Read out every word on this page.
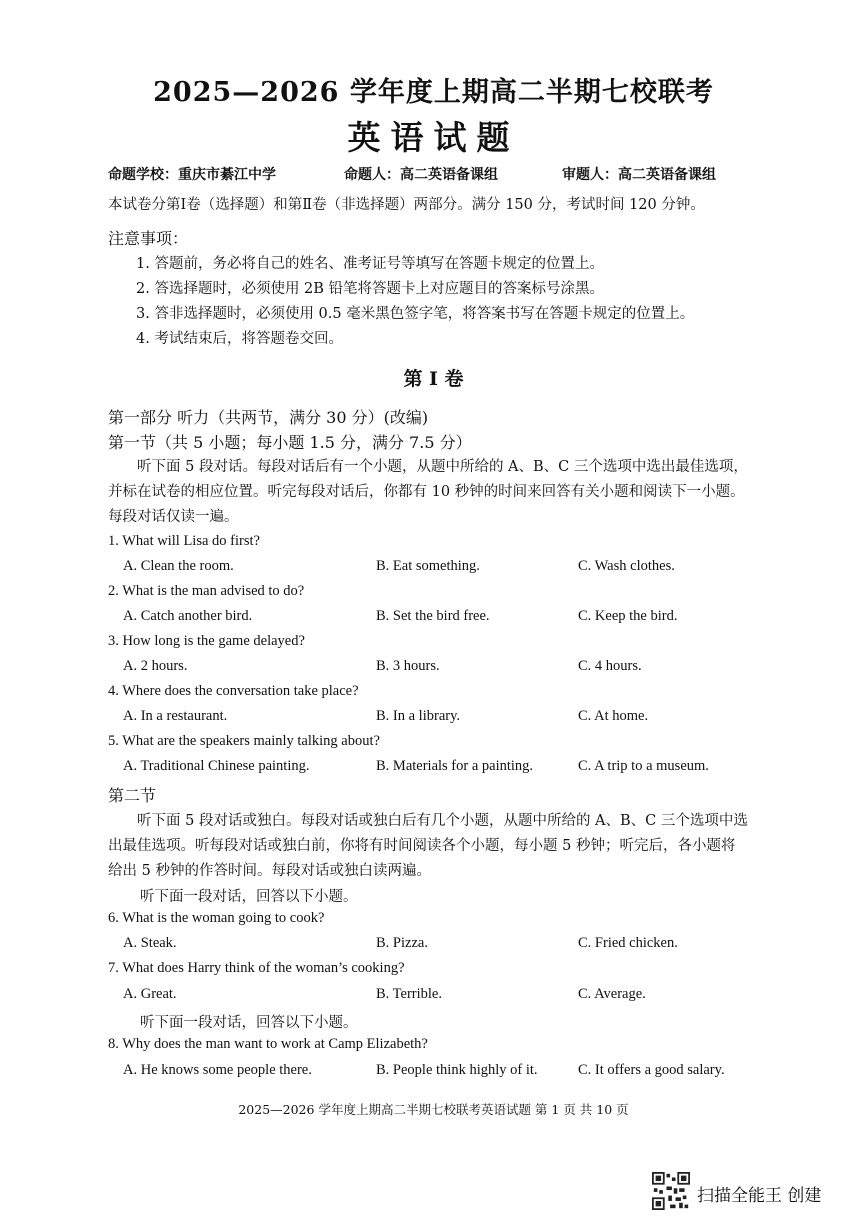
2025—2026 学年度上期高二半期七校联考
英语试题
命题学校：重庆市綦江中学	命题人：高二英语备课组	审题人：高二英语备课组
本试卷分第Ⅰ卷（选择题）和第Ⅱ卷（非选择题）两部分。满分 150 分，考试时间 120 分钟。
注意事项：
1. 答题前，务必将自己的姓名、准考证号等填写在答题卡规定的位置上。
2. 答选择题时，必须使用 2B 铅笔将答题卡上对应题目的答案标号涂黑。
3. 答非选择题时，必须使用 0.5 毫米黑色签字笔，将答案书写在答题卡规定的位置上。
4. 考试结束后，将答题卷交回。
第 I 卷
第一部分 听力（共两节，满分 30 分）(改编)
第一节（共 5 小题；每小题 1.5 分，满分 7.5 分）
　　听下面 5 段对话。每段对话后有一个小题，从题中所给的 A、B、C 三个选项中选出最佳选项，并标在试卷的相应位置。听完每段对话后，你都有 10 秒钟的时间来回答有关小题和阅读下一小题。每段对话仅读一遍。
1. What will Lisa do first?
A. Clean the room.	B. Eat something.	C. Wash clothes.
2. What is the man advised to do?
A. Catch another bird.	B. Set the bird free.	C. Keep the bird.
3. How long is the game delayed?
A. 2 hours.	B. 3 hours.	C. 4 hours.
4. Where does the conversation take place?
A. In a restaurant.	B. In a library.	C. At home.
5. What are the speakers mainly talking about?
A. Traditional Chinese painting.	B. Materials for a painting.	C. A trip to a museum.
第二节
　　听下面 5 段对话或独白。每段对话或独白后有几个小题，从题中所给的 A、B、C 三个选项中选出最佳选项。听每段对话或独白前，你将有时间阅读各个小题，每小题 5 秒钟；听完后，各小题将给出 5 秒钟的作答时间。每段对话或独白读两遍。
听下面一段对话，回答以下小题。
6. What is the woman going to cook?
A. Steak.	B. Pizza.	C. Fried chicken.
7. What does Harry think of the woman’s cooking?
A. Great.	B. Terrible.	C. Average.
听下面一段对话，回答以下小题。
8. Why does the man want to work at Camp Elizabeth?
A. He knows some people there.	B. People think highly of it.	C. It offers a good salary.
2025—2026 学年度上期高二半期七校联考英语试题 第 1 页 共 10 页
扫描全能王 创建
